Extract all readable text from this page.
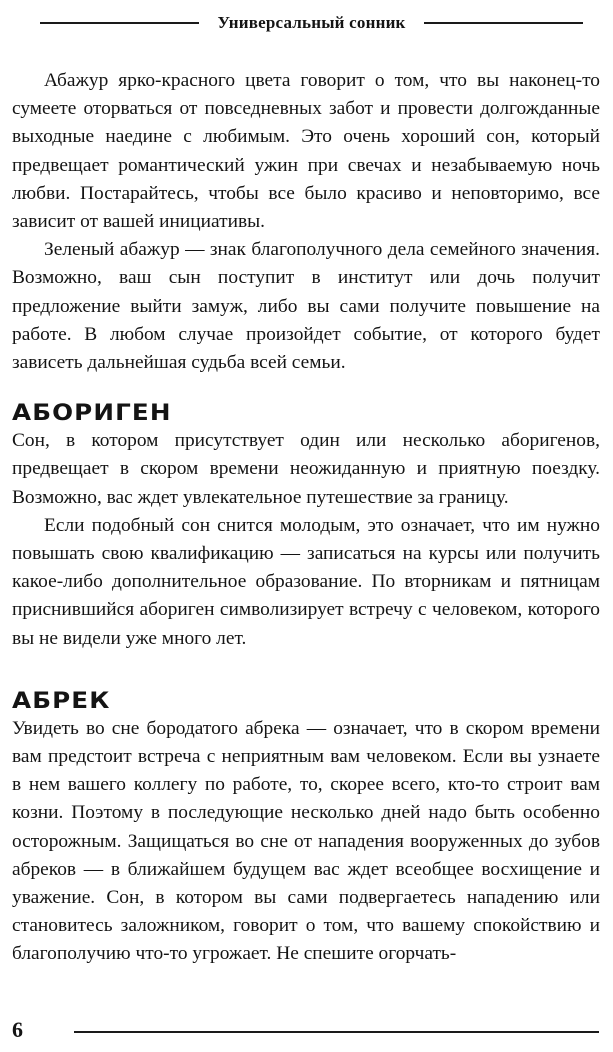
Универсальный сонник

Абажур ярко-красного цвета говорит о том, что вы наконец-то сумеете оторваться от повседневных забот и провести долгожданные выходные наедине с любимым. Это очень хороший сон, который предвещает романтический ужин при свечах и незабываемую ночь любви. Постарайтесь, чтобы все было красиво и неповторимо, все зависит от вашей инициативы.

Зеленый абажур — знак благополучного дела семейного значения. Возможно, ваш сын поступит в институт или дочь получит предложение выйти замуж, либо вы сами получите повышение на работе. В любом случае произойдет событие, от которого будет зависеть дальнейшая судьба всей семьи.

АБОРИГЕН

Сон, в котором присутствует один или несколько аборигенов, предвещает в скором времени неожиданную и приятную поездку. Возможно, вас ждет увлекательное путешествие за границу.

Если подобный сон снится молодым, это означает, что им нужно повышать свою квалификацию — записаться на курсы или получить какое-либо дополнительное образование. По вторникам и пятницам приснившийся абориген символизирует встречу с человеком, которого вы не видели уже много лет.

АБРЕК

Увидеть во сне бородатого абрека — означает, что в скором времени вам предстоит встреча с неприятным вам человеком. Если вы узнаете в нем вашего коллегу по работе, то, скорее всего, кто-то строит вам козни. Поэтому в последующие несколько дней надо быть особенно осторожным. Защищаться во сне от нападения вооруженных до зубов абреков — в ближайшем будущем вас ждет всеобщее восхищение и уважение. Сон, в котором вы сами подвергаетесь нападению или становитесь заложником, говорит о том, что вашему спокойствию и благополучию что-то угрожает. Не спешите огорчать-

6
